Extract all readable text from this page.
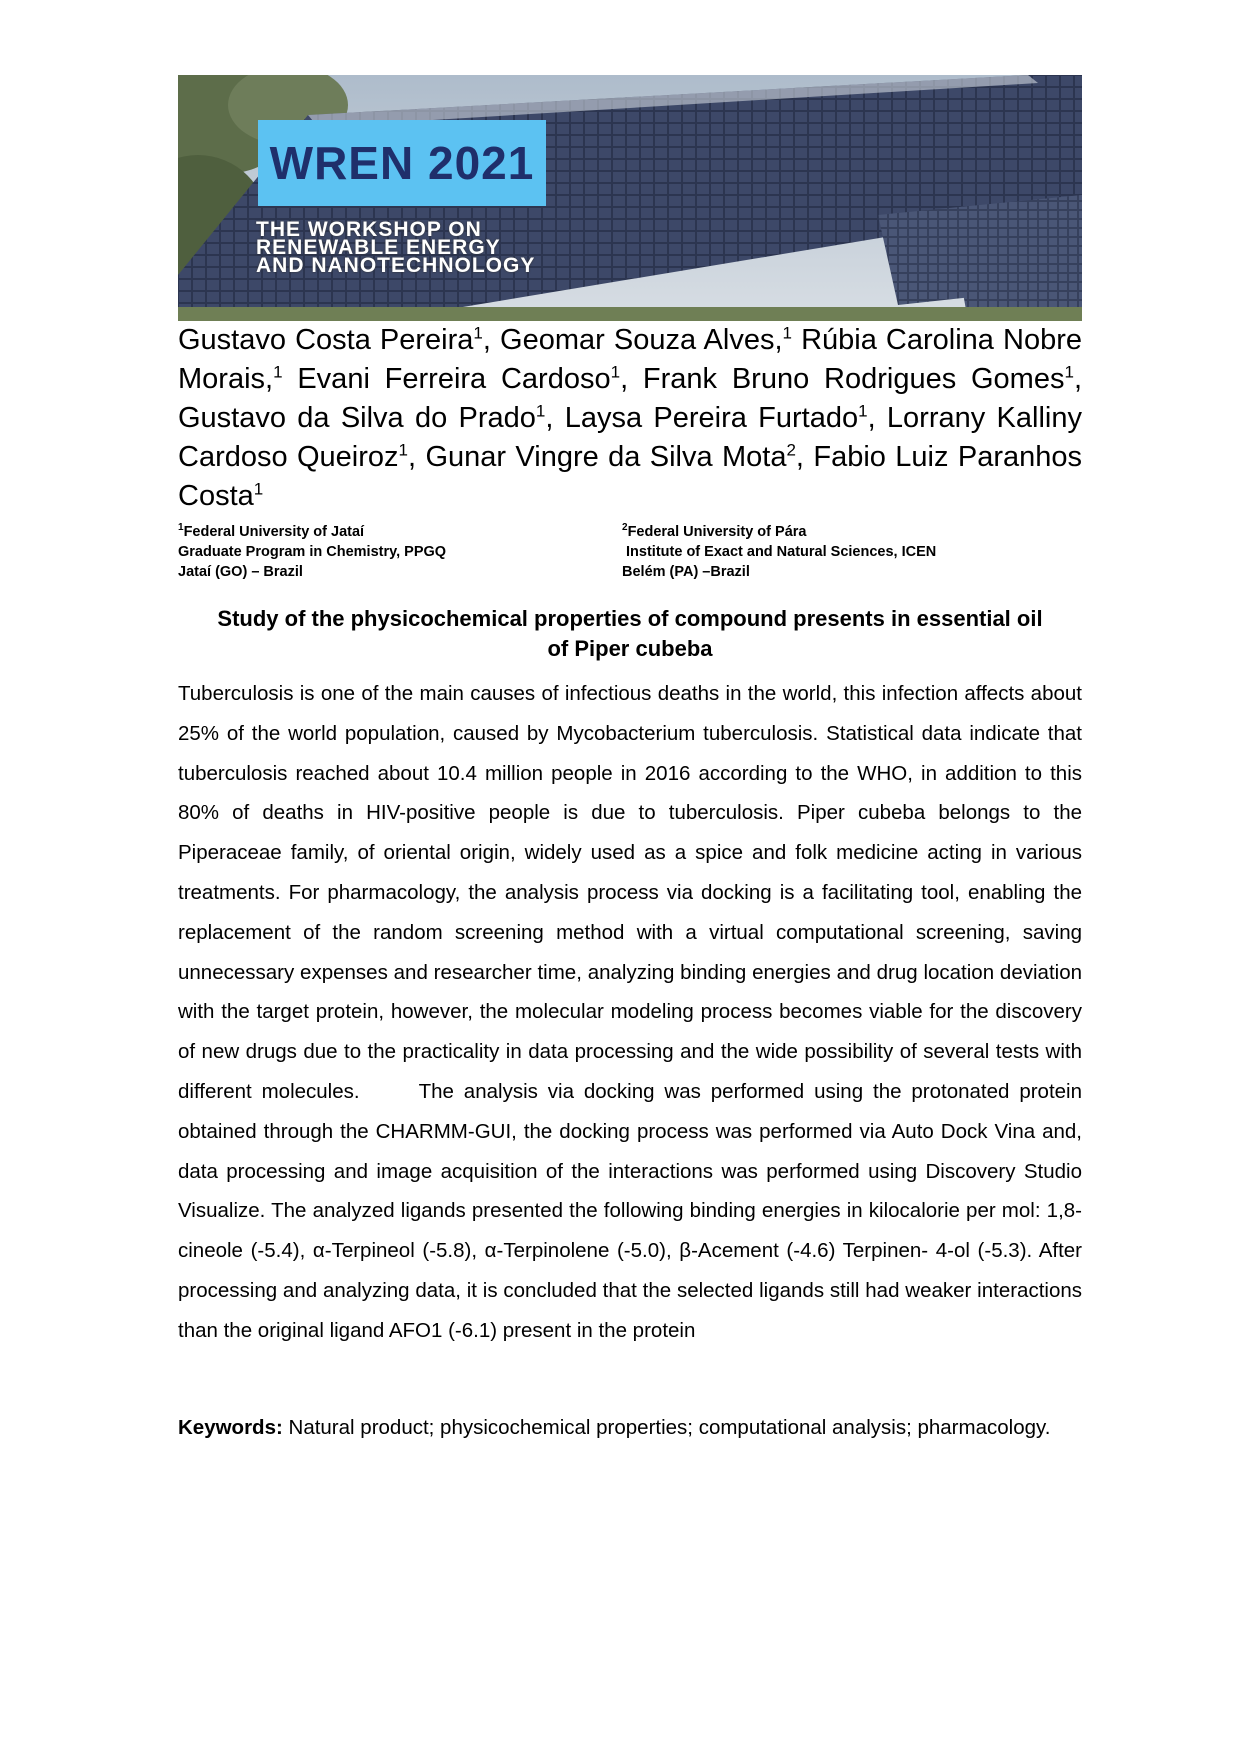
WREN 2021
THE WORKSHOP ON
RENEWABLE ENERGY
AND NANOTECHNOLOGY
Gustavo Costa Pereira$^1$, Geomar Souza Alves,$^1$ Rúbia Carolina Nobre Morais,$^1$ Evani Ferreira Cardoso$^1$, Frank Bruno Rodrigues Gomes$^1$, Gustavo da Silva do Prado$^1$, Laysa Pereira Furtado$^1$, Lorrany Kalliny Cardoso Queiroz$^1$, Gunar Vingre da Silva Mota$^2$, Fabio Luiz Paranhos Costa$^1$
$^1$Federal University of Jataí
Graduate Program in Chemistry, PPGQ
Jataí (GO) – Brazil
$^2$Federal University of Pára
Institute of Exact and Natural Sciences, ICEN
Belém (PA) –Brazil
Study of the physicochemical properties of compound presents in essential oil of Piper cubeba
Tuberculosis is one of the main causes of infectious deaths in the world, this infection affects about 25% of the world population, caused by Mycobacterium tuberculosis. Statistical data indicate that tuberculosis reached about 10.4 million people in 2016 according to the WHO, in addition to this 80% of deaths in HIV-positive people is due to tuberculosis. Piper cubeba belongs to the Piperaceae family, of oriental origin, widely used as a spice and folk medicine acting in various treatments. For pharmacology, the analysis process via docking is a facilitating tool, enabling the replacement of the random screening method with a virtual computational screening, saving unnecessary expenses and researcher time, analyzing binding energies and drug location deviation with the target protein, however, the molecular modeling process becomes viable for the discovery of new drugs due to the practicality in data processing and the wide possibility of several tests with different molecules.      The analysis via docking was performed using the protonated protein obtained through the CHARMM-GUI, the docking process was performed via Auto Dock Vina and, data processing and image acquisition of the interactions was performed using Discovery Studio Visualize. The analyzed ligands presented the following binding energies in kilocalorie per mol: 1,8-cineole (-5.4), α-Terpineol (-5.8), α-Terpinolene (-5.0), β-Acement (-4.6) Terpinen- 4-ol (-5.3). After processing and analyzing data, it is concluded that the selected ligands still had weaker interactions than the original ligand AFO1 (-6.1) present in the protein
Keywords: Natural product; physicochemical properties; computational analysis; pharmacology.
